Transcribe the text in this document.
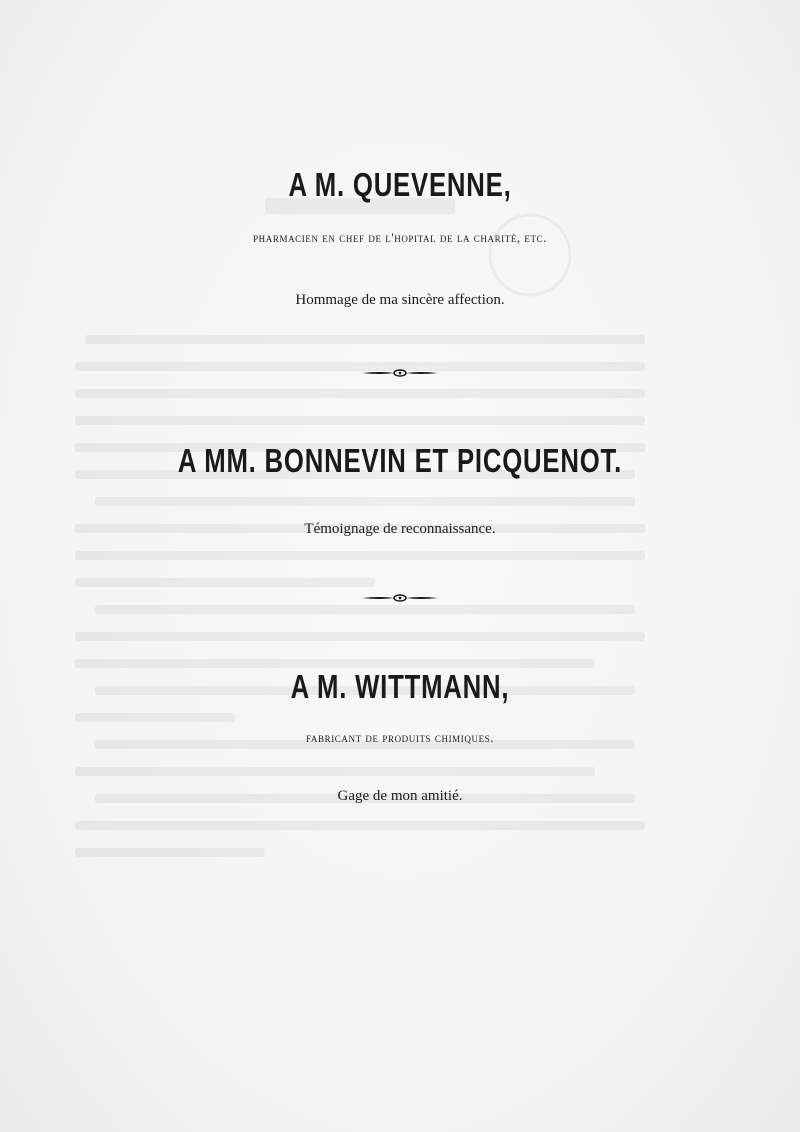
A M. QUEVENNE,
pharmacien en chef de l'hopital de la charité, etc.
Hommage de ma sincère affection.
A MM. BONNEVIN ET PICQUENOT.
Témoignage de reconnaissance.
A M. WITTMANN,
fabricant de produits chimiques.
Gage de mon amitié.
